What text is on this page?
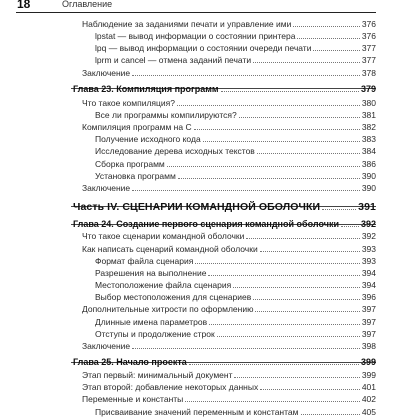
18	Оглавление
Наблюдение за заданиями печати и управление ими	376
lpstat — вывод информации о состоянии принтера	376
lpq — вывод информации о состоянии очереди печати	377
lprm и cancel — отмена заданий печати	377
Заключение	378
Глава 23. Компиляция программ	379
Что такое компиляция?	380
Все ли программы компилируются?	381
Компиляция программ на C	382
Получение исходного кода	383
Исследование дерева исходных текстов	384
Сборка программ	386
Установка программ	390
Заключение	390
Часть IV. СЦЕНАРИИ КОМАНДНОЙ ОБОЛОЧКИ	391
Глава 24. Создание первого сценария командной оболочки 392
Что такое сценарии командной оболочки	392
Как написать сценарий командной оболочки	393
Формат файла сценария	393
Разрешения на выполнение	394
Местоположение файла сценария	394
Выбор местоположения для сценариев	396
Дополнительные хитрости по оформлению	397
Длинные имена параметров	397
Отступы и продолжение строк	397
Заключение	398
Глава 25. Начало проекта	399
Этап первый: минимальный документ	399
Этап второй: добавление некоторых данных	401
Переменные и константы	402
Присваивание значений переменным и константам	405
